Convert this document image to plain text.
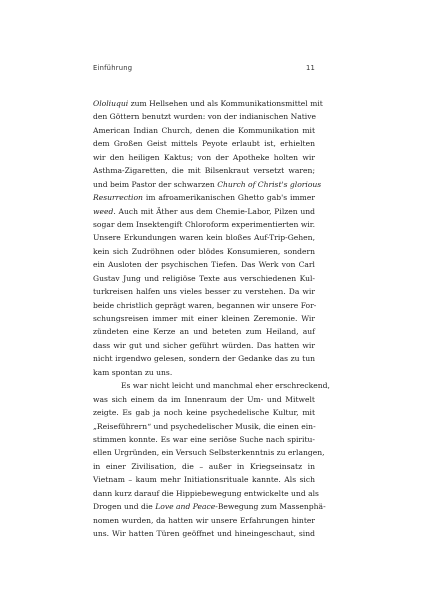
Einführung	11
Ololiuqui zum Hellsehen und als Kommunikationsmittel mit
den Göttern benutzt wurden: von der indianischen Native
American Indian Church, denen die Kommunikation mit
dem Großen Geist mittels Peyote erlaubt ist, erhielten
wir den heiligen Kaktus; von der Apotheke holten wir
Asthma-Zigaretten, die mit Bilsenkraut versetzt waren;
und beim Pastor der schwarzen Church of Christ's glorious
Resurrection im afroamerikanischen Ghetto gab's immer
weed. Auch mit Äther aus dem Chemie-Labor, Pilzen und
sogar dem Insektengift Chloroform experimentierten wir.
Unsere Erkundungen waren kein bloßes Auf-Trip-Gehen,
kein sich Zudröhnen oder blödes Konsumieren, sondern
ein Ausloten der psychischen Tiefen. Das Werk von Carl
Gustav Jung und religiöse Texte aus verschiedenen Kul-
turkreisen halfen uns vieles besser zu verstehen. Da wir
beide christlich geprägt waren, begannen wir unsere For-
schungsreisen immer mit einer kleinen Zeremonie. Wir
zündeten eine Kerze an und beteten zum Heiland, auf
dass wir gut und sicher geführt würden. Das hatten wir
nicht irgendwo gelesen, sondern der Gedanke das zu tun
kam spontan zu uns.
Es war nicht leicht und manchmal eher erschreckend,
was sich einem da im Innenraum der Um- und Mitwelt
zeigte. Es gab ja noch keine psychedelische Kultur, mit
„Reiseführern“ und psychedelischer Musik, die einen ein-
stimmen konnte. Es war eine seriöse Suche nach spiritu-
ellen Urgründen, ein Versuch Selbsterkenntnis zu erlangen,
in einer Zivilisation, die – außer in Kriegseinsatz in
Vietnam – kaum mehr Initiationsrituale kannte. Als sich
dann kurz darauf die Hippiebewegung entwickelte und als
Drogen und die Love and Peace-Bewegung zum Massenphä-
nomen wurden, da hatten wir unsere Erfahrungen hinter
uns. Wir hatten Türen geöffnet und hineingeschaut, sind
